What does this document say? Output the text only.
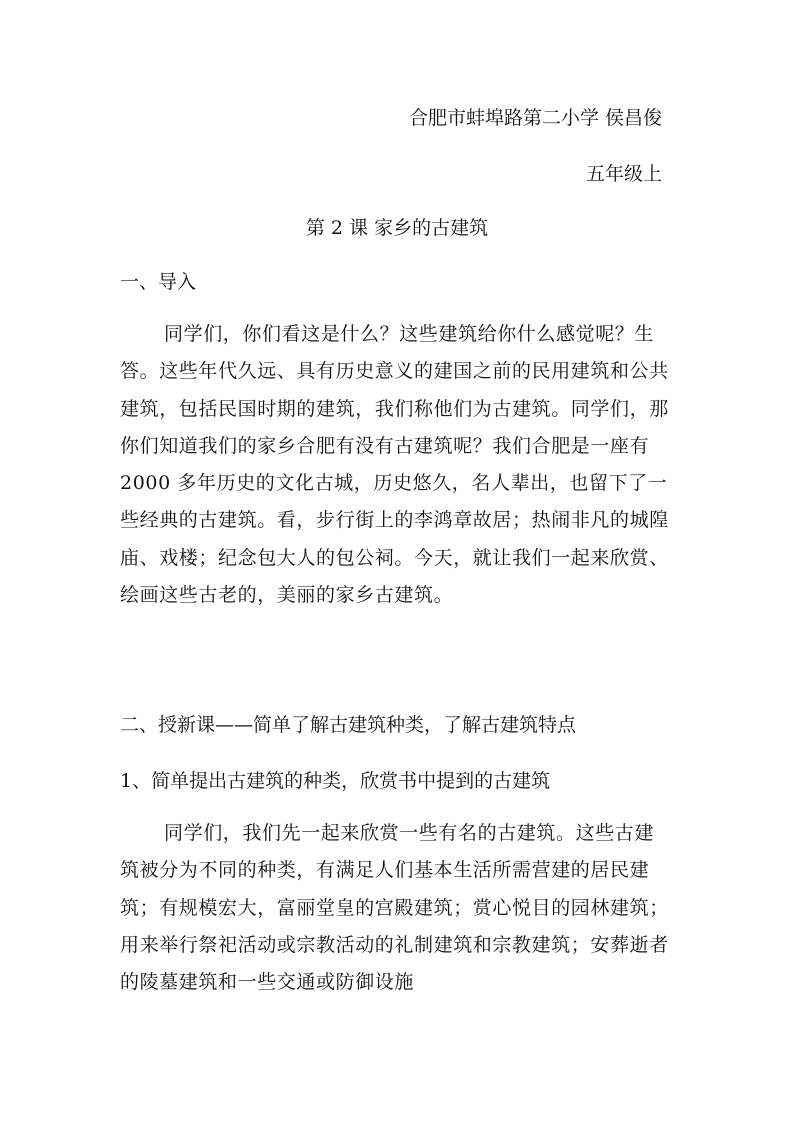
合肥市蚌埠路第二小学 侯昌俊
五年级上
第 2 课 家乡的古建筑
一、导入
同学们，你们看这是什么？这些建筑给你什么感觉呢？生答。这些年代久远、具有历史意义的建国之前的民用建筑和公共建筑，包括民国时期的建筑，我们称他们为古建筑。同学们，那你们知道我们的家乡合肥有没有古建筑呢？我们合肥是一座有 2000 多年历史的文化古城，历史悠久，名人辈出，也留下了一些经典的古建筑。看，步行街上的李鸿章故居；热闹非凡的城隍庙、戏楼；纪念包大人的包公祠。今天，就让我们一起来欣赏、绘画这些古老的，美丽的家乡古建筑。
二、授新课——简单了解古建筑种类，了解古建筑特点
1、简单提出古建筑的种类，欣赏书中提到的古建筑
同学们，我们先一起来欣赏一些有名的古建筑。这些古建筑被分为不同的种类，有满足人们基本生活所需营建的居民建筑；有规模宏大，富丽堂皇的宫殿建筑；赏心悦目的园林建筑；用来举行祭祀活动或宗教活动的礼制建筑和宗教建筑；安葬逝者的陵墓建筑和一些交通或防御设施
